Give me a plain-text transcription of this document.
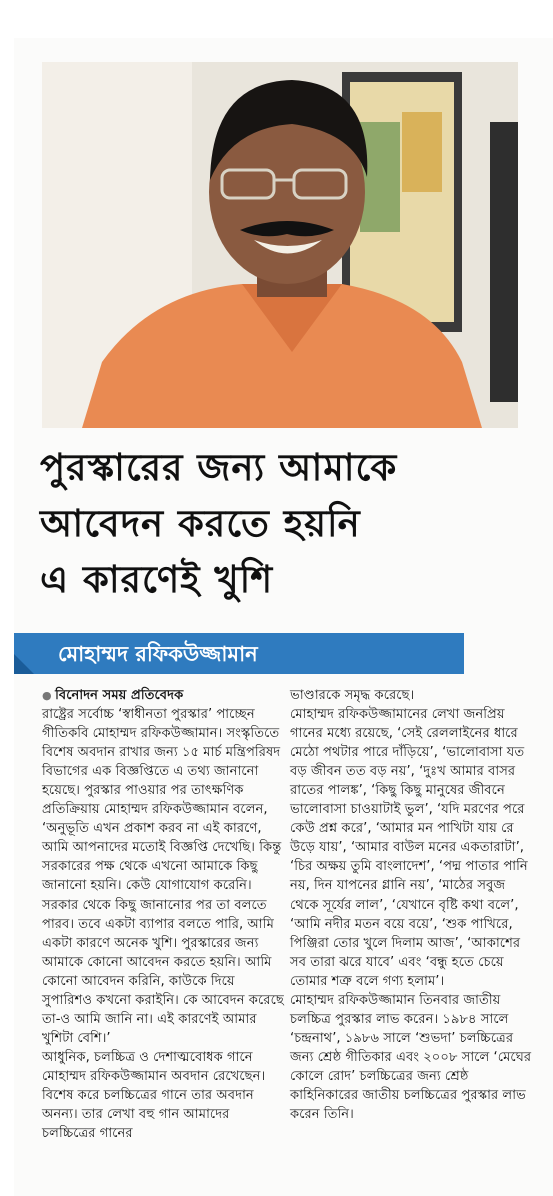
পুরস্কারের জন্য আমাকে
আবেদন করতে হয়নি
এ কারণেই খুশি
মোহাম্মদ রফিকউজ্জামান

● বিনোদন সময় প্রতিবেদক

রাষ্ট্রের সর্বোচ্চ ‘স্বাধীনতা পুরস্কার’ পাচ্ছেন গীতিকবি মোহাম্মদ রফিকউজ্জামান। সংস্কৃতিতে বিশেষ অবদান রাখার জন্য ১৫ মার্চ মন্ত্রিপরিষদ বিভাগের এক বিজ্ঞপ্তিতে এ তথ্য জানানো হয়েছে। পুরস্কার পাওয়ার পর তাৎক্ষণিক প্রতিক্রিয়ায় মোহাম্মদ রফিকউজ্জামান বলেন, ‘অনুভূতি এখন প্রকাশ করব না এই কারণে, আমি আপনাদের মতোই বিজ্ঞপ্তি দেখেছি। কিন্তু সরকারের পক্ষ থেকে এখনো আমাকে কিছু জানানো হয়নি। কেউ যোগাযোগ করেনি। সরকার থেকে কিছু জানানোর পর তা বলতে পারব। তবে একটা ব্যাপার বলতে পারি, আমি একটা কারণে অনেক খুশি। পুরস্কারের জন্য আমাকে কোনো আবেদন করতে হয়নি। আমি কোনো আবেদন করিনি, কাউকে দিয়ে সুপারিশও কখনো করাইনি। কে আবেদন করেছে তা-ও আমি জানি না। এই কারণেই আমার খুশিটা বেশি।’

আধুনিক, চলচ্চিত্র ও দেশাত্মবোধক গানে মোহাম্মদ রফিকউজ্জামান অবদান রেখেছেন। বিশেষ করে চলচ্চিত্রের গানে তার অবদান অনন্য। তার লেখা বহু গান আমাদের চলচ্চিত্রের গানের

ভাণ্ডারকে সমৃদ্ধ করেছে।

মোহাম্মদ রফিকউজ্জামানের লেখা জনপ্রিয় গানের মধ্যে রয়েছে, ‘সেই রেললাইনের ধারে মেঠো পথটার পারে দাঁড়িয়ে’, ‘ভালোবাসা যত বড় জীবন তত বড় নয়’, ‘দুঃখ আমার বাসর রাতের পালঙ্ক’, ‘কিছু কিছু মানুষের জীবনে ভালোবাসা চাওয়াটাই ভুল’, ‘যদি মরণের পরে কেউ প্রশ্ন করে’, ‘আমার মন পাখিটা যায় রে উড়ে যায়’, ‘আমার বাউল মনের একতারাটা’, ‘চির অক্ষয় তুমি বাংলাদেশ’, ‘পদ্ম পাতার পানি নয়, দিন যাপনের গ্লানি নয়’, ‘মাঠের সবুজ থেকে সূর্যের লাল’, ‘যেখানে বৃষ্টি কথা বলে’, ‘আমি নদীর মতন বয়ে বয়ে’, ‘শুক পাখিরে, পিঞ্জিরা তোর খুলে দিলাম আজ’, ‘আকাশের সব তারা ঝরে যাবে’ এবং ‘বন্ধু হতে চেয়ে তোমার শত্রু বলে গণ্য হলাম’।

মোহাম্মদ রফিকউজ্জামান তিনবার জাতীয় চলচ্চিত্র পুরস্কার লাভ করেন। ১৯৮৪ সালে ‘চন্দ্রনাথ’, ১৯৮৬ সালে ‘শুভদা’ চলচ্চিত্রের জন্য শ্রেষ্ঠ গীতিকার এবং ২০০৮ সালে ‘মেঘের কোলে রোদ’ চলচ্চিত্রের জন্য শ্রেষ্ঠ কাহিনিকারের জাতীয় চলচ্চিত্রের পুরস্কার লাভ করেন তিনি।
